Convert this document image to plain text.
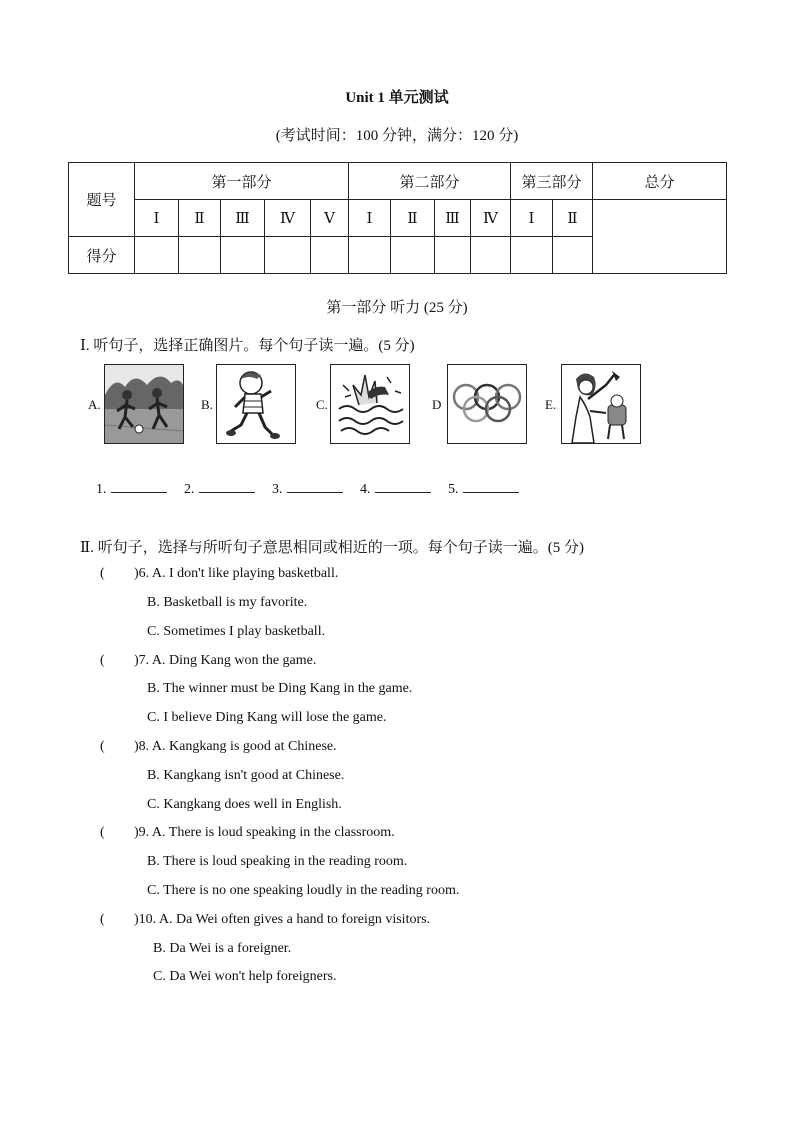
Unit 1 单元测试
(考试时间：100 分钟，满分：120 分)
题号	第一部分					第二部分				第三部分		总分
	Ⅰ	Ⅱ	Ⅲ	Ⅳ	Ⅴ	Ⅰ	Ⅱ	Ⅲ	Ⅳ	Ⅰ	Ⅱ	
得分												
第一部分 听力 (25 分)
Ⅰ. 听句子，选择正确图片。每个句子读一遍。(5 分)
A.	B.	C.	D	E.
1.	2.	3.	4.	5.
Ⅱ. 听句子，选择与所听句子意思相同或相近的一项。每个句子读一遍。(5 分)
( )6. A. I don't like playing basketball.
B. Basketball is my favorite.
C. Sometimes I play basketball.
( )7. A. Ding Kang won the game.
B. The winner must be Ding Kang in the game.
C. I believe Ding Kang will lose the game.
( )8. A. Kangkang is good at Chinese.
B. Kangkang isn't good at Chinese.
C. Kangkang does well in English.
( )9. A. There is loud speaking in the classroom.
B. There is loud speaking in the reading room.
C. There is no one speaking loudly in the reading room.
( )10. A. Da Wei often gives a hand to foreign visitors.
B. Da Wei is a foreigner.
C. Da Wei won't help foreigners.
